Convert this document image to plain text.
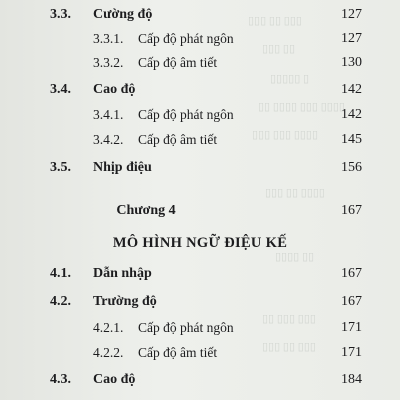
▯▯▯ ▯▯ ▯▯▯
▯▯▯ ▯▯
▯▯▯▯▯ ▯
▯▯ ▯▯▯▯ ▯▯▯ ▯▯▯▯
▯▯▯ ▯▯▯ ▯▯▯▯
▯▯▯ ▯▯ ▯▯▯▯
▯▯▯▯ ▯▯
▯▯ ▯▯▯ ▯▯▯
▯▯▯ ▯▯ ▯▯▯
3.3. Cường độ	127
3.3.1. Cấp độ phát ngôn	127
3.3.2. Cấp độ âm tiết	130
3.4. Cao độ	142
3.4.1. Cấp độ phát ngôn	142
3.4.2. Cấp độ âm tiết	145
3.5. Nhịp điệu	156
Chương 4	167
MÔ HÌNH NGỮ ĐIỆU KẾ
4.1. Dẫn nhập	167
4.2. Trường độ	167
4.2.1. Cấp độ phát ngôn	171
4.2.2. Cấp độ âm tiết	171
4.3. Cao độ	184
